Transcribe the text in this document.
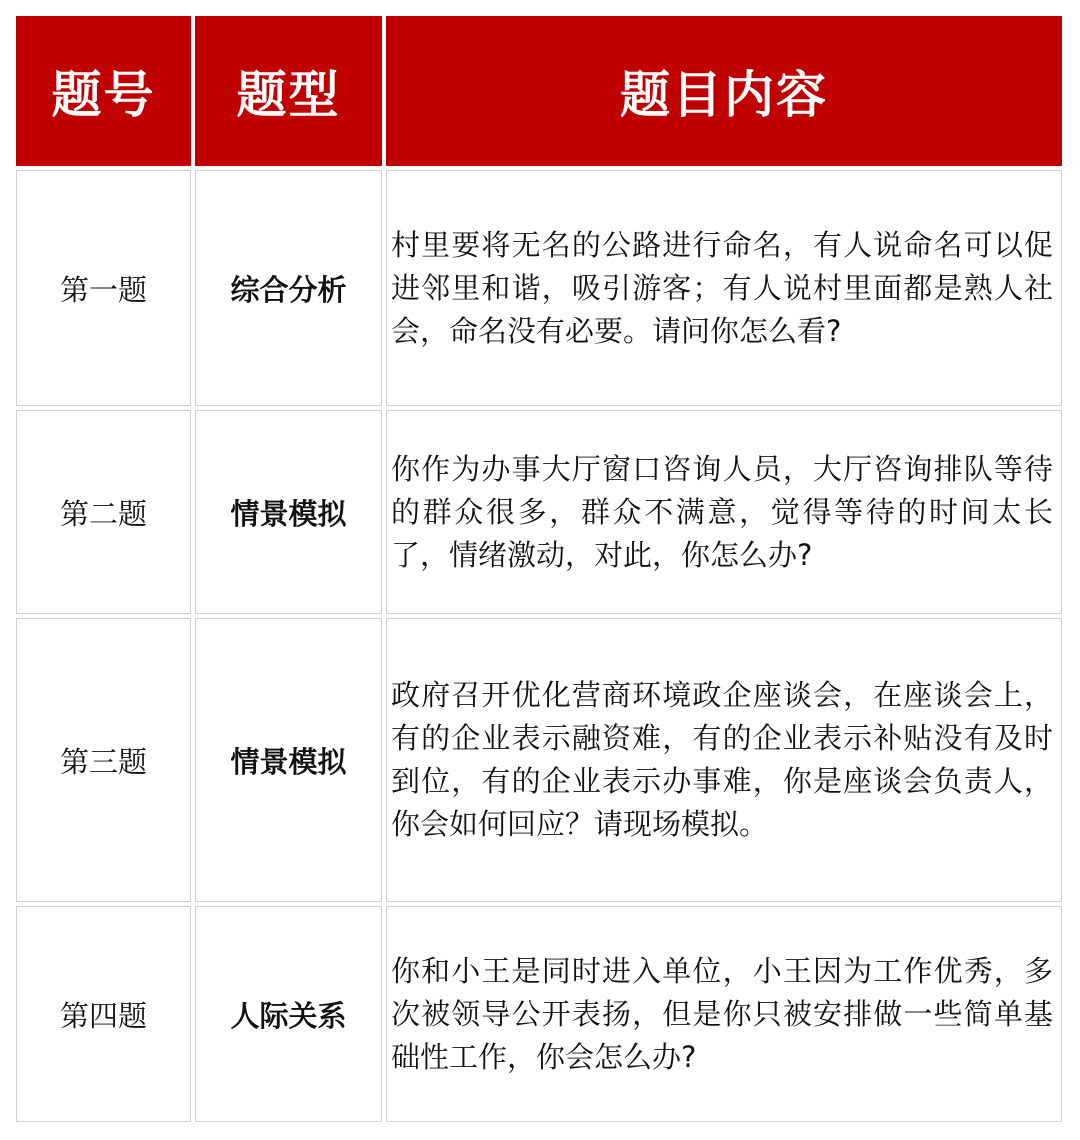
题号	题型	题目内容
第一题	综合分析	村里要将无名的公路进行命名，有人说命名可以促进邻里和谐，吸引游客；有人说村里面都是熟人社会，命名没有必要。请问你怎么看?
第二题	情景模拟	你作为办事大厅窗口咨询人员，大厅咨询排队等待的群众很多，群众不满意，觉得等待的时间太长了，情绪激动，对此，你怎么办?
第三题	情景模拟	政府召开优化营商环境政企座谈会，在座谈会上，有的企业表示融资难，有的企业表示补贴没有及时到位，有的企业表示办事难，你是座谈会负责人，你会如何回应？请现场模拟。
第四题	人际关系	你和小王是同时进入单位，小王因为工作优秀，多次被领导公开表扬，但是你只被安排做一些简单基础性工作，你会怎么办?
